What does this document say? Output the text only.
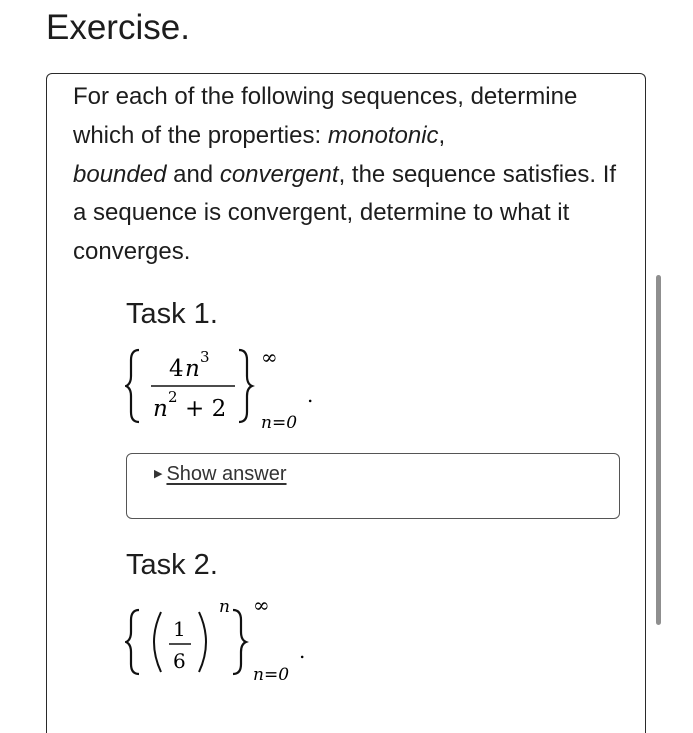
Exercise.
For each of the following sequences, determine which of the properties: monotonic,
bounded and convergent, the sequence satisfies. If a sequence is convergent, determine to what it converges.
Task 1.
4 n 3
n 2 + 2
∞
n=0
.
▶ Show answer
Task 2.
1
6
n ∞
n=0
.
